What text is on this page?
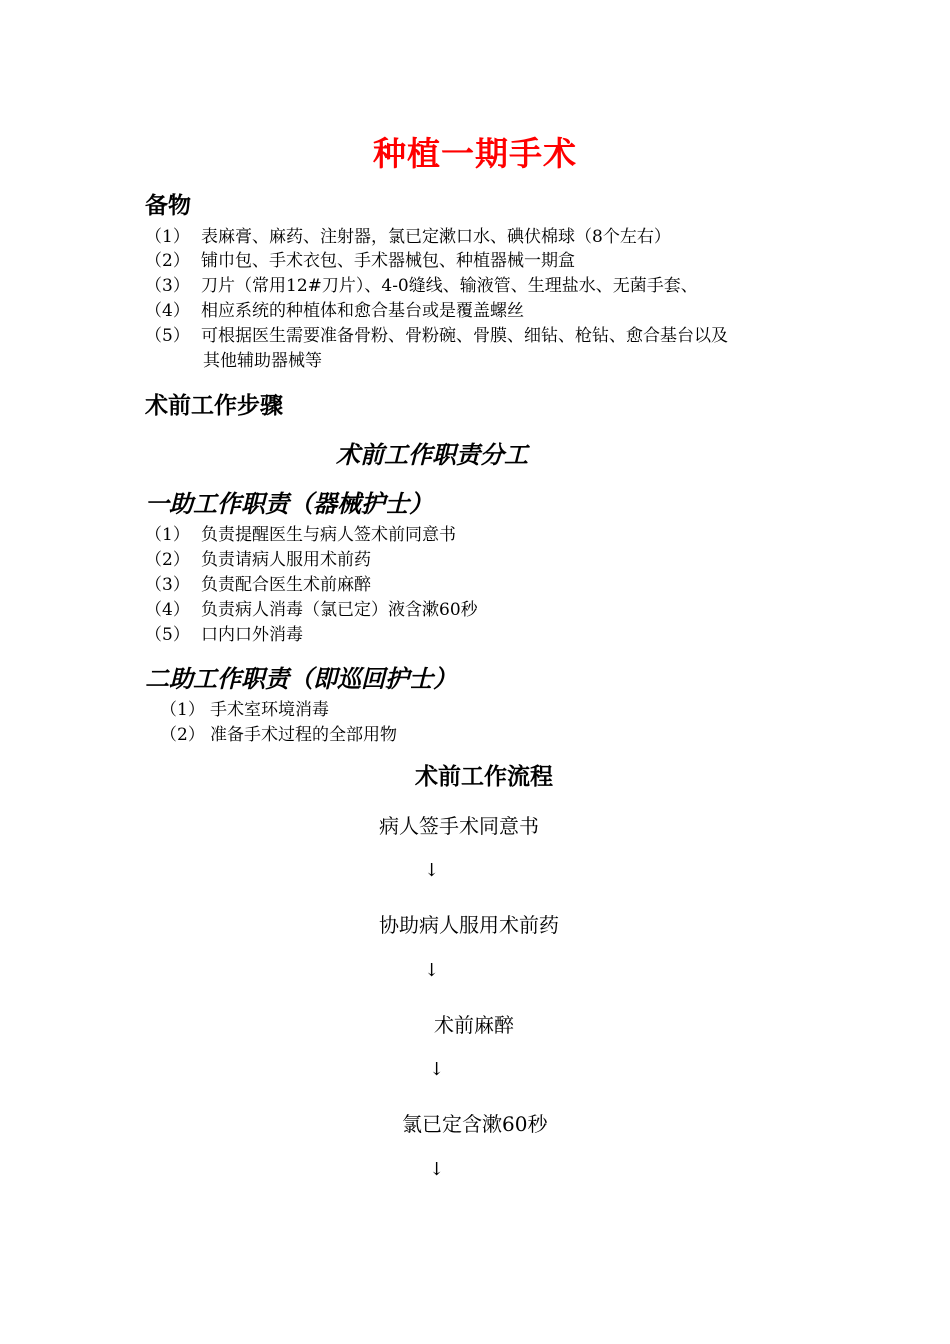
种植一期手术
备物
（1） 表麻膏、麻药、注射器，氯已定漱口水、碘伏棉球（8个左右）
（2） 铺巾包、手术衣包、手术器械包、种植器械一期盒
（3） 刀片（常用12#刀片）、4-0缝线、输液管、生理盐水、无菌手套、
（4） 相应系统的种植体和愈合基台或是覆盖螺丝
（5） 可根据医生需要准备骨粉、骨粉碗、骨膜、细钻、枪钻、愈合基台以及
其他辅助器械等
术前工作步骤
术前工作职责分工
一助工作职责（器械护士）
（1） 负责提醒医生与病人签术前同意书
（2） 负责请病人服用术前药
（3） 负责配合医生术前麻醉
（4） 负责病人消毒（氯已定）液含漱60秒
（5） 口内口外消毒
二助工作职责（即巡回护士）
（1） 手术室环境消毒
（2） 准备手术过程的全部用物
术前工作流程
病人签手术同意书
↓
协助病人服用术前药
↓
术前麻醉
↓
氯已定含漱60秒
↓
